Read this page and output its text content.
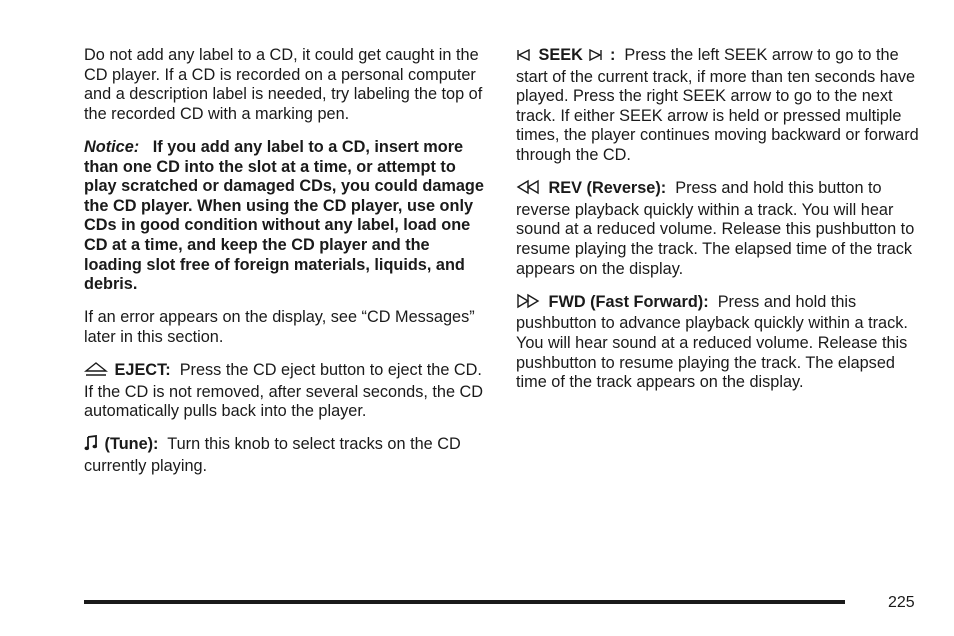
Do not add any label to a CD, it could get caught in the CD player. If a CD is recorded on a personal computer and a description label is needed, try labeling the top of the recorded CD with a marking pen.

Notice: If you add any label to a CD, insert more than one CD into the slot at a time, or attempt to play scratched or damaged CDs, you could damage the CD player. When using the CD player, use only CDs in good condition without any label, load one CD at a time, and keep the CD player and the loading slot free of foreign materials, liquids, and debris.

If an error appears on the display, see “CD Messages” later in this section.

EJECT: Press the CD eject button to eject the CD. If the CD is not removed, after several seconds, the CD automatically pulls back into the player.

(Tune): Turn this knob to select tracks on the CD currently playing.

SEEK : Press the left SEEK arrow to go to the start of the current track, if more than ten seconds have played. Press the right SEEK arrow to go to the next track. If either SEEK arrow is held or pressed multiple times, the player continues moving backward or forward through the CD.

REV (Reverse): Press and hold this button to reverse playback quickly within a track. You will hear sound at a reduced volume. Release this pushbutton to resume playing the track. The elapsed time of the track appears on the display.

FWD (Fast Forward): Press and hold this pushbutton to advance playback quickly within a track. You will hear sound at a reduced volume. Release this pushbutton to resume playing the track. The elapsed time of the track appears on the display.

225
